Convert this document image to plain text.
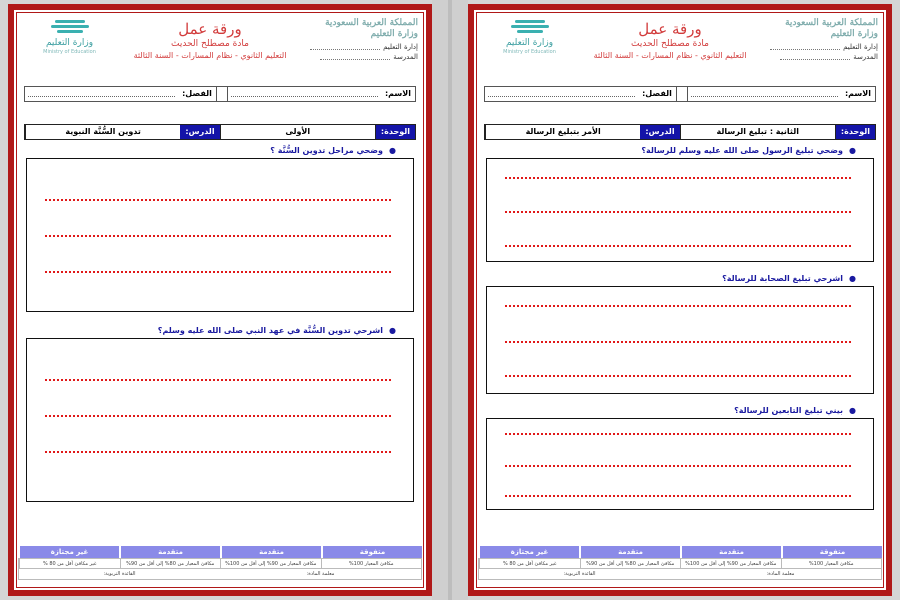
المملكة العربية السعودية
وزارة التعليم
إدارة التعليم
المدرسة
ورقة عمل
مادة مصطلح الحديث
التعليم الثانوي - نظام المسارات - السنة الثالثة
وزارة التعليم
Ministry of Education
الاسم:
الفصل:
الوحدة:
الأولى
الدرس:
تدوين السُّنَّة النبوية
وضحي مراحل تدوين السُّنَّة ؟ ●
اشرحي تدوين السُّنَّة في عهد النبي صلى الله عليه وسلم؟ ●
متفوقة
متقدمة
متقدمة
غير مجتازة
مكافئ المعيار 100%
مكافئ المعيار من 90% إلى أقل من 100%
مكافئ المعيار من 80% إلى أقل من 90%
غير مكافئ أقل من 80 %
معلمة المادة:
القائدة التربوية:
المملكة العربية السعودية
وزارة التعليم
إدارة التعليم
المدرسة
ورقة عمل
مادة مصطلح الحديث
التعليم الثانوي - نظام المسارات - السنة الثالثة
وزارة التعليم
Ministry of Education
الاسم:
الفصل:
الوحدة:
الثانية : تبليغ الرسالة
الدرس:
الأمر بتبليغ الرسالة
وضحي تبليغ الرسول صلى الله عليه وسلم للرسالة؟ ●
اشرحي تبليغ الصحابة للرسالة؟ ●
بيني تبليغ التابعين للرسالة؟ ●
متفوقة
متقدمة
متقدمة
غير مجتازة
مكافئ المعيار 100%
مكافئ المعيار من 90% إلى أقل من 100%
مكافئ المعيار من 80% إلى أقل من 90%
غير مكافئ أقل من 80 %
معلمة المادة:
القائدة التربوية:
